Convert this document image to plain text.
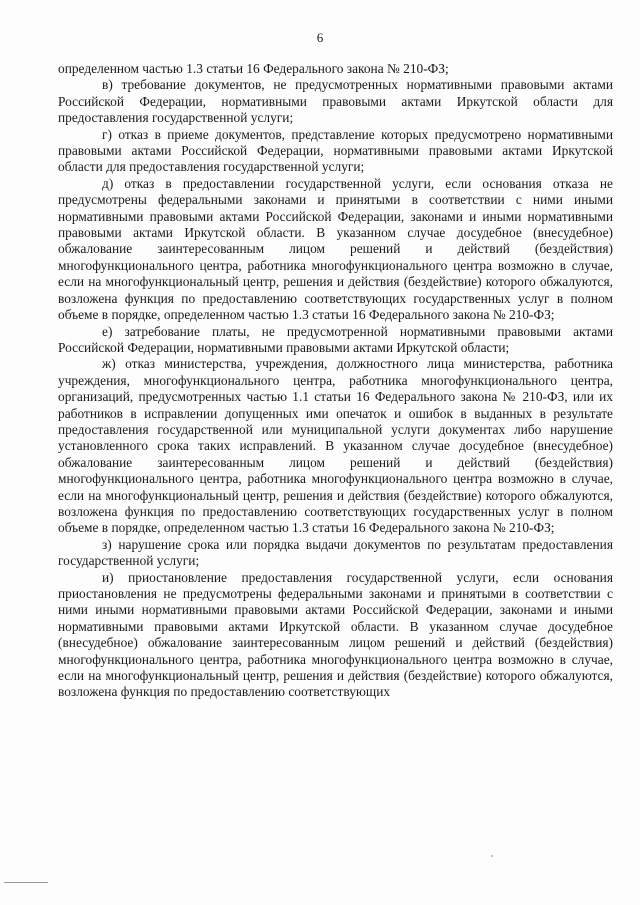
6

определенном частью 1.3 статьи 16 Федерального закона № 210-ФЗ;

в) требование документов, не предусмотренных нормативными правовыми актами Российской Федерации, нормативными правовыми актами Иркутской области для предоставления государственной услуги;

г) отказ в приеме документов, представление которых предусмотрено нормативными правовыми актами Российской Федерации, нормативными правовыми актами Иркутской области для предоставления государственной услуги;

д) отказ в предоставлении государственной услуги, если основания отказа не предусмотрены федеральными законами и принятыми в соответствии с ними иными нормативными правовыми актами Российской Федерации, законами и иными нормативными правовыми актами Иркутской области. В указанном случае досудебное (внесудебное) обжалование заинтересованным лицом решений и действий (бездействия) многофункционального центра, работника многофункционального центра возможно в случае, если на многофункциональный центр, решения и действия (бездействие) которого обжалуются, возложена функция по предоставлению соответствующих государственных услуг в полном объеме в порядке, определенном частью 1.3 статьи 16 Федерального закона № 210-ФЗ;

е) затребование платы, не предусмотренной нормативными правовыми актами Российской Федерации, нормативными правовыми актами Иркутской области;

ж) отказ министерства, учреждения, должностного лица министерства, работника учреждения, многофункционального центра, работника многофункционального центра, организаций, предусмотренных частью 1.1 статьи 16 Федерального закона № 210-ФЗ, или их работников в исправлении допущенных ими опечаток и ошибок в выданных в результате предоставления государственной или муниципальной услуги документах либо нарушение установленного срока таких исправлений. В указанном случае досудебное (внесудебное) обжалование заинтересованным лицом решений и действий (бездействия) многофункционального центра, работника многофункционального центра возможно в случае, если на многофункциональный центр, решения и действия (бездействие) которого обжалуются, возложена функция по предоставлению соответствующих государственных услуг в полном объеме в порядке, определенном частью 1.3 статьи 16 Федерального закона № 210-ФЗ;

з) нарушение срока или порядка выдачи документов по результатам предоставления государственной услуги;

и) приостановление предоставления государственной услуги, если основания приостановления не предусмотрены федеральными законами и принятыми в соответствии с ними иными нормативными правовыми актами Российской Федерации, законами и иными нормативными правовыми актами Иркутской области. В указанном случае досудебное (внесудебное) обжалование заинтересованным лицом решений и действий (бездействия) многофункционального центра, работника многофункционального центра возможно в случае, если на многофункциональный центр, решения и действия (бездействие) которого обжалуются, возложена функция по предоставлению соответствующих
